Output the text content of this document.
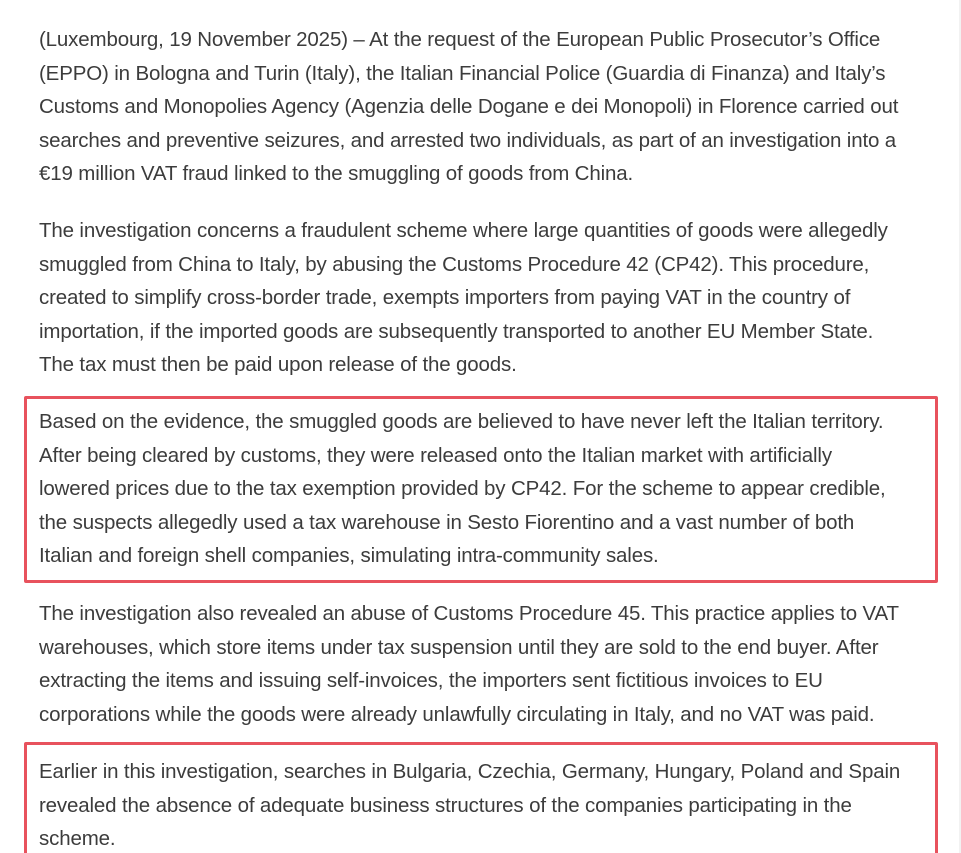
(Luxembourg, 19 November 2025) – At the request of the European Public Prosecutor’s Office
(EPPO) in Bologna and Turin (Italy), the Italian Financial Police (Guardia di Finanza) and Italy’s
Customs and Monopolies Agency (Agenzia delle Dogane e dei Monopoli) in Florence carried out
searches and preventive seizures, and arrested two individuals, as part of an investigation into a
€19 million VAT fraud linked to the smuggling of goods from China.

The investigation concerns a fraudulent scheme where large quantities of goods were allegedly
smuggled from China to Italy, by abusing the Customs Procedure 42 (CP42). This procedure,
created to simplify cross-border trade, exempts importers from paying VAT in the country of
importation, if the imported goods are subsequently transported to another EU Member State.
The tax must then be paid upon release of the goods.

Based on the evidence, the smuggled goods are believed to have never left the Italian territory.
After being cleared by customs, they were released onto the Italian market with artificially
lowered prices due to the tax exemption provided by CP42. For the scheme to appear credible,
the suspects allegedly used a tax warehouse in Sesto Fiorentino and a vast number of both
Italian and foreign shell companies, simulating intra-community sales.

The investigation also revealed an abuse of Customs Procedure 45. This practice applies to VAT
warehouses, which store items under tax suspension until they are sold to the end buyer. After
extracting the items and issuing self-invoices, the importers sent fictitious invoices to EU
corporations while the goods were already unlawfully circulating in Italy, and no VAT was paid.

Earlier in this investigation, searches in Bulgaria, Czechia, Germany, Hungary, Poland and Spain
revealed the absence of adequate business structures of the companies participating in the
scheme.
